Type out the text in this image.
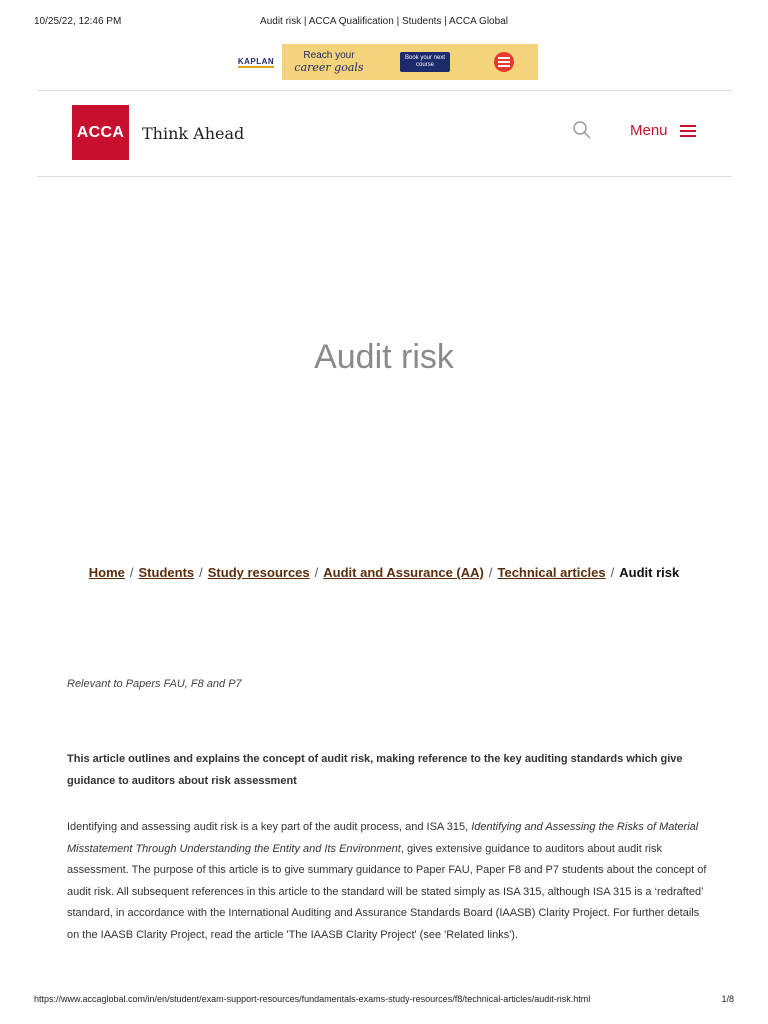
10/25/22, 12:46 PM	Audit risk | ACCA Qualification | Students | ACCA Global
KAPLAN	Reach your
career goals
Book your next course
ACCA Think Ahead	Menu
Audit risk
Home / Students / Study resources / Audit and Assurance (AA) / Technical articles / Audit risk
Relevant to Papers FAU, F8 and P7
This article outlines and explains the concept of audit risk, making reference to the key auditing standards which give guidance to auditors about risk assessment
Identifying and assessing audit risk is a key part of the audit process, and ISA 315, Identifying and Assessing the Risks of Material Misstatement Through Understanding the Entity and Its Environment, gives extensive guidance to auditors about audit risk assessment. The purpose of this article is to give summary guidance to Paper FAU, Paper F8 and P7 students about the concept of audit risk. All subsequent references in this article to the standard will be stated simply as ISA 315, although ISA 315 is a ‘redrafted’ standard, in accordance with the International Auditing and Assurance Standards Board (IAASB) Clarity Project. For further details on the IAASB Clarity Project, read the article 'The IAASB Clarity Project' (see 'Related links').
https://www.accaglobal.com/in/en/student/exam-support-resources/fundamentals-exams-study-resources/f8/technical-articles/audit-risk.html	1/8
